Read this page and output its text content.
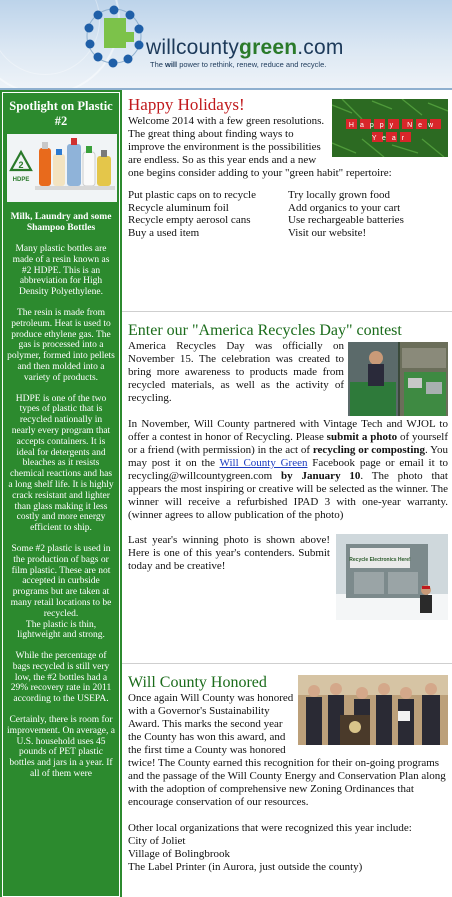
willcountygreen.com
The will power to rethink, renew, reduce and recycle.
Spotlight on Plastic #2
2
HDPE
Milk, Laundry and some Shampoo Bottles

Many plastic bottles are made of a resin known as #2 HDPE. This is an abbreviation for High Density Polyethylene.

The resin is made from petroleum. Heat is used to produce ethylene gas. The gas is processed into a polymer, formed into pellets and then molded into a variety of products.

HDPE is one of the two types of plastic that is recycled nationally in nearly every program that accepts containers. It is ideal for detergents and bleaches as it resists chemical reactions and has a long shelf life. It is highly crack resistant and lighter than glass making it less costly and more energy efficient to ship.

Some #2 plastic is used in the production of bags or film plastic. These are not accepted in curbside programs but are taken at many retail locations to be recycled.

The plastic is thin, lightweight and strong.

While the percentage of bags recycled is still very low, the #2 bottles had a 29% recovery rate in 2011 according to the USEPA.

Certainly, there is room for improvement. On average, a U.S. household uses 45 pounds of PET plastic bottles and jars in a year. If all of them were

Happy New
Year
Happy Holidays!

Welcome 2014 with a few green resolutions. The great thing about finding ways to improve the environment is the possibilities are endless. So as this year ends and a new one begins consider adding to your "green habit" repertoire:

Put plastic caps on to recycle
Recycle aluminum foil
Recycle empty aerosol cans
Buy a used item
Try locally grown food
Add organics to your cart
Use rechargeable batteries
Visit our website!
Enter our "America Recycles Day" contest

America Recycles Day was officially on November 15. The celebration was created to bring more awareness to products made from recycled materials, as well as the activity of recycling.

In November, Will County partnered with Vintage Tech and WJOL to offer a contest in honor of Recycling. Please submit a photo of yourself or a friend (with permission) in the act of recycling or composting. You may post it on the Will County Green Facebook page or email it to recycling@willcountygreen.com by January 10. The photo that appears the most inspiring or creative will be selected as the winner. The winner will receive a refurbished IPAD 3 with one-year warranty. (winner agrees to allow publication of the photo)

Recycle Electronics Here!

Last year's winning photo is shown above! Here is one of this year's contenders. Submit today and be creative!

Will County Honored

Once again Will County was honored with a Governor's Sustainability Award. This marks the second year the County has won this award, and the first time a County was honored twice! The County earned this recognition for their on-going programs and the passage of the Will County Energy and Conservation Plan along with the adoption of comprehensive new Zoning Ordinances that encourage conservation of our resources.

Other local organizations that were recognized this year include:

City of Joliet
Village of Bolingbrook
The Label Printer (in Aurora, just outside the county)
